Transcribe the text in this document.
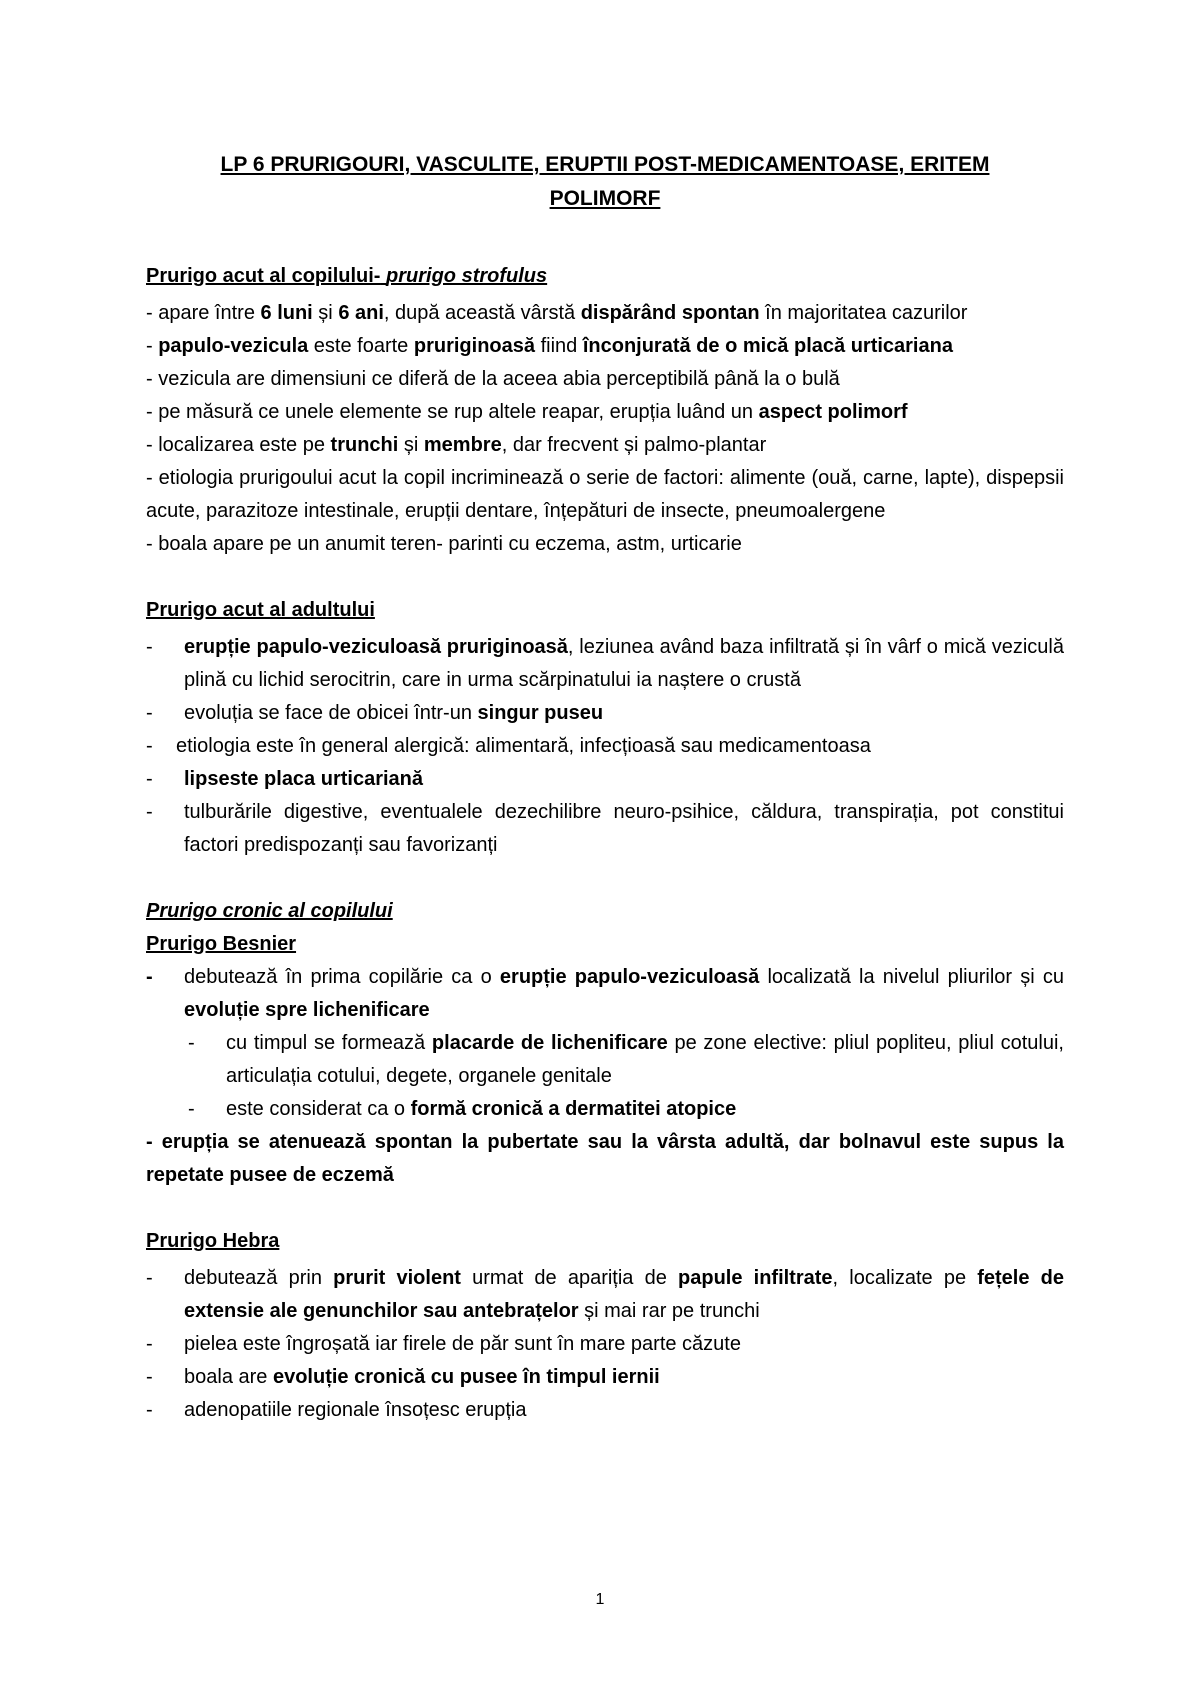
LP 6 PRURIGOURI, VASCULITE, ERUPTII POST-MEDICAMENTOASE, ERITEM

POLIMORF

Prurigo acut al copilului- prurigo strofulus

- apare între 6 luni și 6 ani, după această vârstă dispărând spontan în majoritatea cazurilor

- papulo-vezicula este foarte pruriginoasă fiind înconjurată de o mică placă urticariana

- vezicula are dimensiuni ce diferă de la aceea abia perceptibilă până la o bulă

- pe măsură ce unele elemente se rup altele reapar, erupția luând un aspect polimorf

- localizarea este pe trunchi și membre, dar frecvent și palmo-plantar

- etiologia prurigoului acut la copil incriminează o serie de factori: alimente (ouă, carne, lapte), dispepsii acute, parazitoze intestinale, erupții dentare, înțepături de insecte, pneumoalergene

- boala apare pe un anumit teren- parinti cu eczema, astm, urticarie

Prurigo acut al adultului

- erupție papulo-veziculoasă pruriginoasă, leziunea având baza infiltrată și în vârf o mică veziculă plină cu lichid serocitrin, care in urma scărpinatului ia naștere o crustă

- evoluția se face de obicei într-un singur puseu

- etiologia este în general alergică: alimentară, infecțioasă sau medicamentoasa

- lipseste placa urticariană

- tulburările digestive, eventualele dezechilibre neuro-psihice, căldura, transpirația, pot constitui factori predispozanți sau favorizanți

Prurigo cronic al copilului

Prurigo Besnier

- debutează în prima copilărie ca o erupție papulo-veziculoasă localizată la nivelul pliurilor și cu evoluție spre lichenificare

- cu timpul se formează placarde de lichenificare pe zone elective: pliul popliteu, pliul cotului, articulația cotului, degete, organele genitale

- este considerat ca o formă cronică a dermatitei atopice

- erupția se atenuează spontan la pubertate sau la vârsta adultă, dar bolnavul este supus la repetate pusee de eczemă

Prurigo Hebra

- debutează prin prurit violent urmat de apariția de papule infiltrate, localizate pe fețele de extensie ale genunchilor sau antebrațelor și mai rar pe trunchi

- pielea este îngroșată iar firele de păr sunt în mare parte căzute

- boala are evoluție cronică cu pusee în timpul iernii

- adenopatiile regionale însoțesc erupția

1
